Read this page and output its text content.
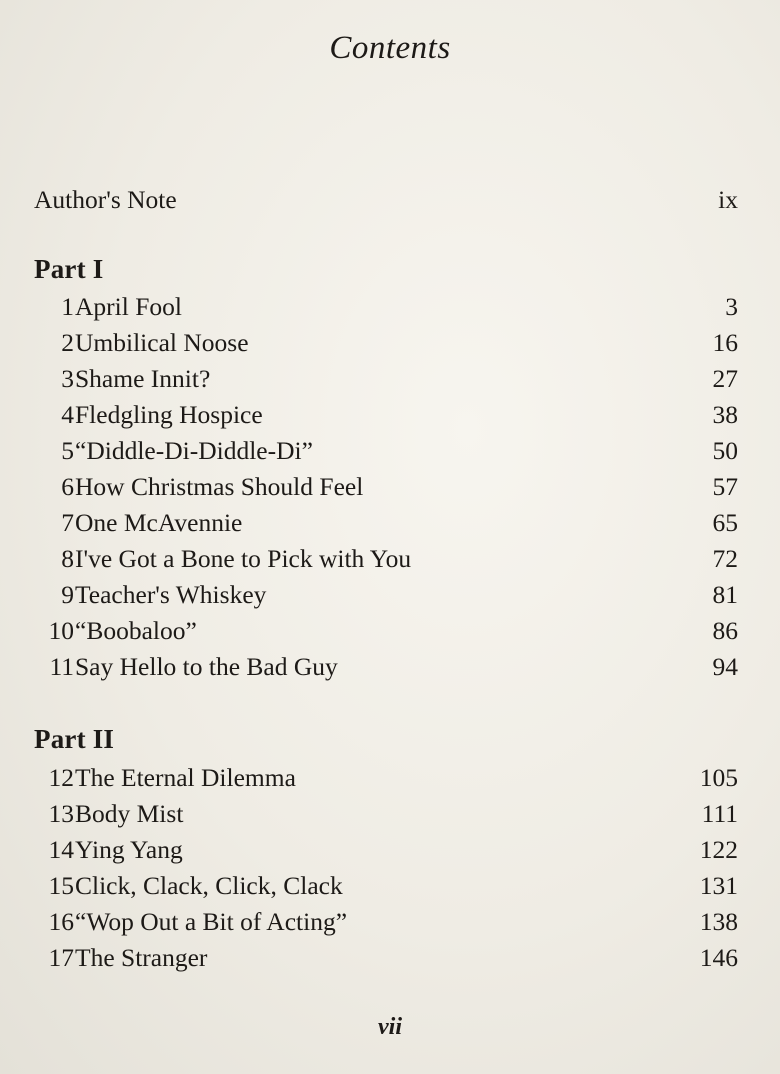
Contents
Author's Note	ix
Part I
1 April Fool	3
2 Umbilical Noose	16
3 Shame Innit?	27
4 Fledgling Hospice	38
5 “Diddle-Di-Diddle-Di”	50
6 How Christmas Should Feel	57
7 One McAvennie	65
8 I've Got a Bone to Pick with You	72
9 Teacher's Whiskey	81
10 “Boobaloo”	86
11 Say Hello to the Bad Guy	94
Part II
12 The Eternal Dilemma	105
13 Body Mist	111
14 Ying Yang	122
15 Click, Clack, Click, Clack	131
16 “Wop Out a Bit of Acting”	138
17 The Stranger	146
vii
